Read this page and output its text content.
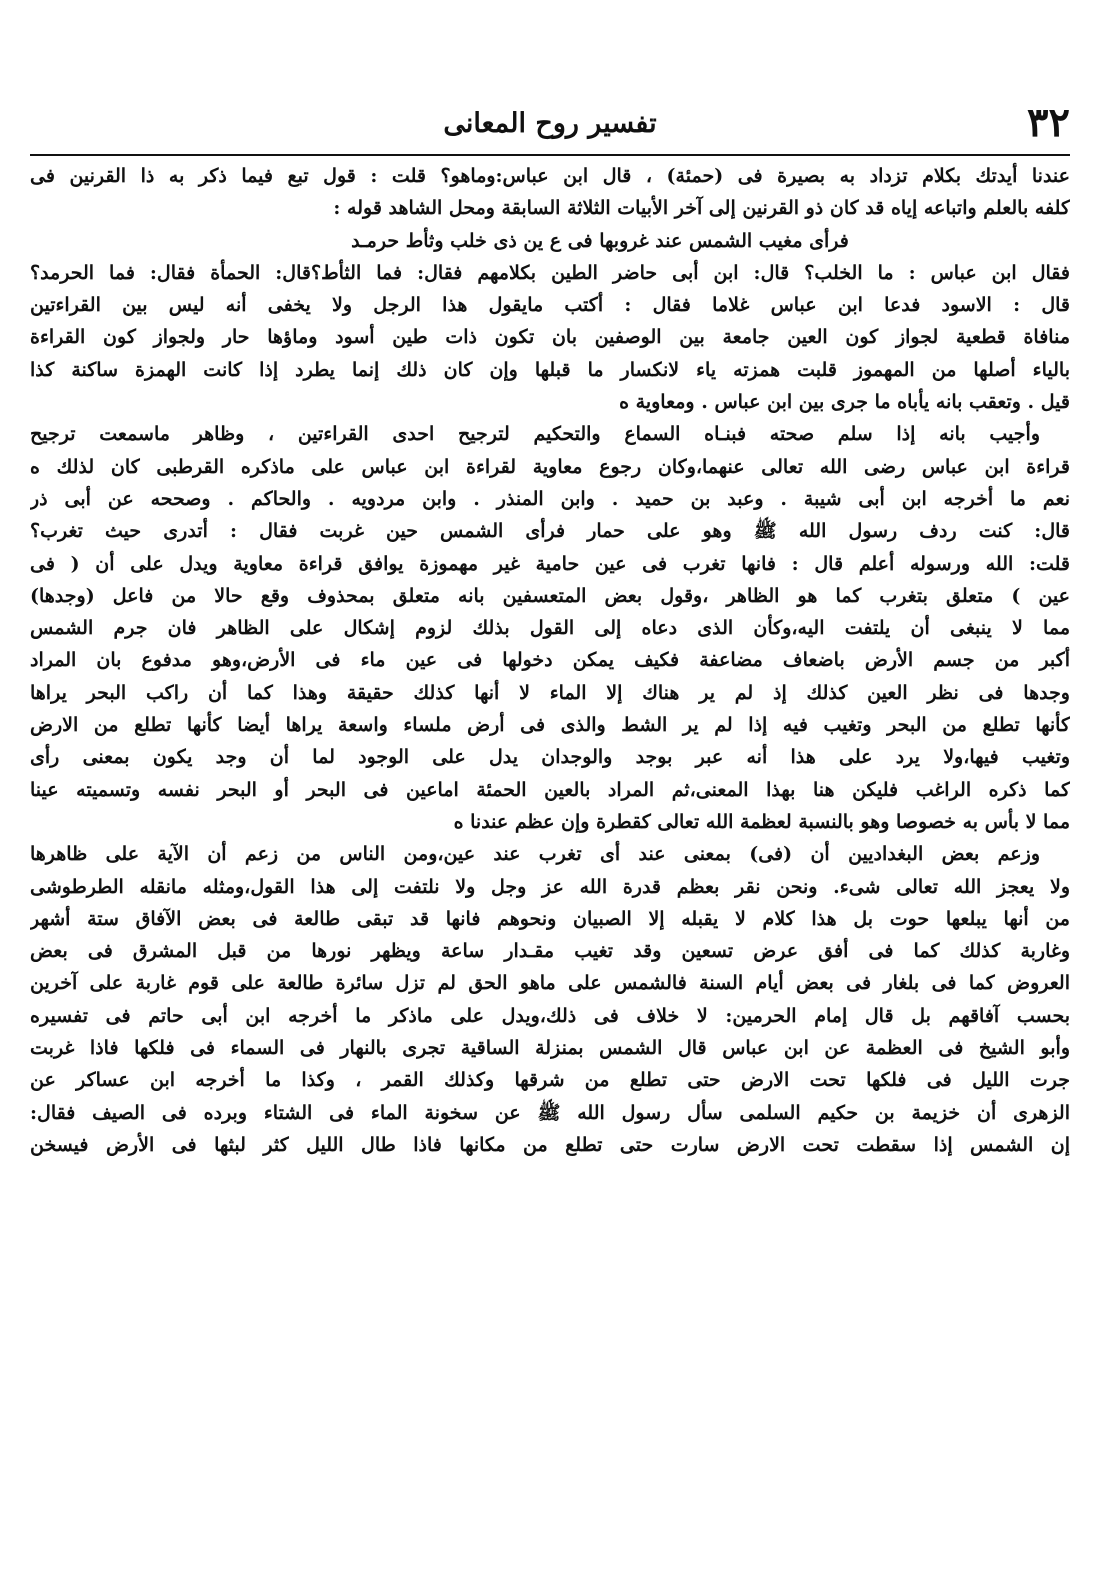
٣٢
تفسير روح المعانى
عندنا أيدتك بكلام تزداد به بصيرة فى (حمئة) ، قال ابن عباس:وماهو؟ قلت : قول تبع فيما ذكر به ذا القرنين فى
كلفه بالعلم واتباعه إياه قد كان ذو القرنين إلى آخر الأبيات الثلاثة السابقة ومحل الشاهد قوله :
فرأى مغيب الشمس عند غروبها فى ع ين ذى خلب وثأط حرمـد
فقال ابن عباس : ما الخلب؟ قال: ابن أبى حاضر الطين بكلامهم فقال: فما الثأط؟قال: الحمأة فقال: فما الحرمد؟
قال : الاسود فدعا ابن عباس غلاما فقال : أكتب مايقول هذا الرجل ولا يخفى أنه ليس بين القراءتين
منافاة قطعية لجواز كون العين جامعة بين الوصفين بان تكون ذات طين أسود وماؤها حار ولجواز كون القراءة
بالياء أصلها من المهموز قلبت همزته ياء لانكسار ما قبلها وإن كان ذلك إنما يطرد إذا كانت الهمزة ساكنة كذا
قيل . وتعقب بانه يأباه ما جرى بين ابن عباس . ومعاوية ه
وأجيب بانه إذا سلم صحته فبنـاه السماع والتحكيم لترجيح احدى القراءتين ، وظاهر ماسمعت ترجيح
قراءة ابن عباس رضى الله تعالى عنهما،وكان رجوع معاوية لقراءة ابن عباس على ماذكره القرطبى كان لذلك ه
نعم ما أخرجه ابن أبى شيبة . وعبد بن حميد . وابن المنذر . وابن مردويه . والحاكم . وصححه عن أبى ذر
قال: كنت ردف رسول الله ﷺ وهو على حمار فرأى الشمس حين غربت فقال : أتدرى حيث تغرب؟
قلت: الله ورسوله أعلم قال : فانها تغرب فى عين حامية غير مهموزة يوافق قراءة معاوية ويدل على أن ( فى
عين ) متعلق بتغرب كما هو الظاهر ،وقول بعض المتعسفين بانه متعلق بمحذوف وقع حالا من فاعل (وجدها)
مما لا ينبغى أن يلتفت اليه،وكأن الذى دعاه إلى القول بذلك لزوم إشكال على الظاهر فان جرم الشمس
أكبر من جسم الأرض باضعاف مضاعفة فكيف يمكن دخولها فى عين ماء فى الأرض،وهو مدفوع بان المراد
وجدها فى نظر العين كذلك إذ لم ير هناك إلا الماء لا أنها كذلك حقيقة وهذا كما أن راكب البحر يراها
كأنها تطلع من البحر وتغيب فيه إذا لم ير الشط والذى فى أرض ملساء واسعة يراها أيضا كأنها تطلع من الارض
وتغيب فيها،ولا يرد على هذا أنه عبر بوجد والوجدان يدل على الوجود لما أن وجد يكون بمعنى رأى
كما ذكره الراغب فليكن هنا بهذا المعنى،ثم المراد بالعين الحمئة اماعين فى البحر أو البحر نفسه وتسميته عينا
مما لا بأس به خصوصا وهو بالنسبة لعظمة الله تعالى كقطرة وإن عظم عندنا ه
وزعم بعض البغداديين أن (فى) بمعنى عند أى تغرب عند عين،ومن الناس من زعم أن الآية على ظاهرها
ولا يعجز الله تعالى شىء. ونحن نقر بعظم قدرة الله عز وجل ولا نلتفت إلى هذا القول،ومثله مانقله الطرطوشى
من أنها يبلعها حوت بل هذا كلام لا يقبله إلا الصبيان ونحوهم فانها قد تبقى طالعة فى بعض الآفاق ستة أشهر
وغاربة كذلك كما فى أفق عرض تسعين وقد تغيب مقـدار ساعة ويظهر نورها من قبل المشرق فى بعض
العروض كما فى بلغار فى بعض أيام السنة فالشمس على ماهو الحق لم تزل سائرة طالعة على قوم غاربة على آخرين
بحسب آفاقهم بل قال إمام الحرمين: لا خلاف فى ذلك،ويدل على ماذكر ما أخرجه ابن أبى حاتم فى تفسيره
وأبو الشيخ فى العظمة عن ابن عباس قال الشمس بمنزلة الساقية تجرى بالنهار فى السماء فى فلكها فاذا غربت
جرت الليل فى فلكها تحت الارض حتى تطلع من شرقها وكذلك القمر ، وكذا ما أخرجه ابن عساكر عن
الزهرى أن خزيمة بن حكيم السلمى سأل رسول الله ﷺ عن سخونة الماء فى الشتاء وبرده فى الصيف فقال:
إن الشمس إذا سقطت تحت الارض سارت حتى تطلع من مكانها فاذا طال الليل كثر لبثها فى الأرض فيسخن
